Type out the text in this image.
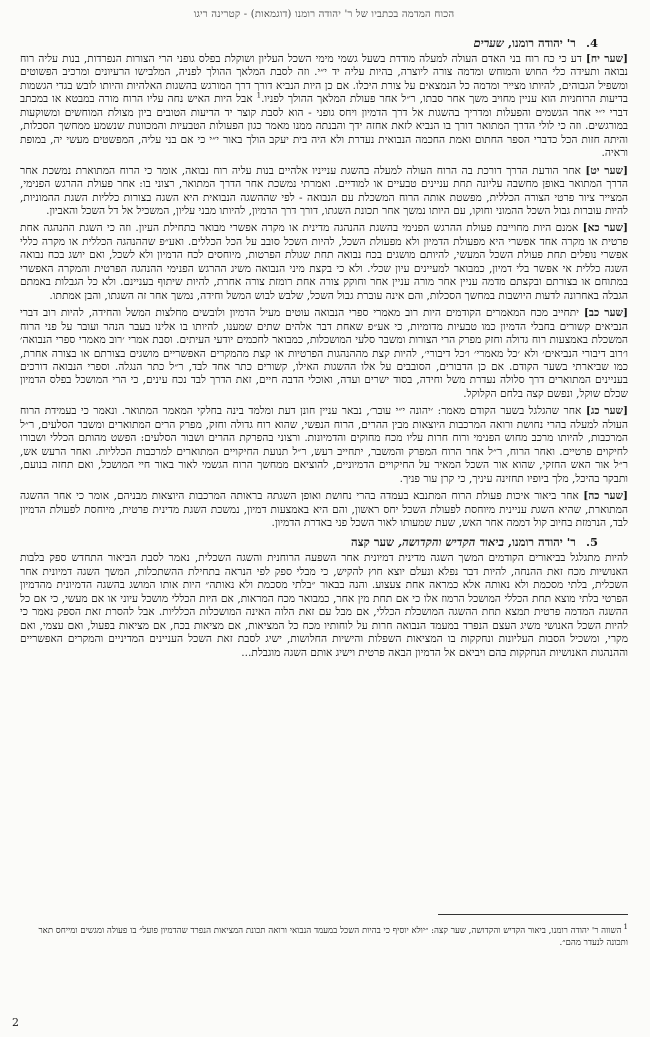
הכוח המדמה בכתביו של ר' יהודה רומנו (דוגמאות) - קטרינה ריגו
4. ר' יהודה רומנו, שערים

[שער יח] דע כי כח רוח בני האדם העולה למעלה מודדת בשעל גשמי מימי השכל העליון ושוקלת בפלס גופני הרי הצורות הנפרדות, בנות עליה רוח נבואה ותעידה כלי החוש והמוחש ומדמה צורה ליוצרה, בהיות עליה יד י״י. וזה לסבת המלאך ההולך לפניה, המלבישו הרעיונים ומרכיב הפשוטים ומשפיל הגבוהים, להיותו מצייר ומדמה כל הנמצאים על צורת היכלו. אם כן היות הנביא דורך דרך המורגש בהשגות האלהיות והיותו לובש בגדי הגשמות בדיעות הרוחניות הוא עניין מחויב משך אחר סבתו, ר״ל אחר פעולת המלאך ההולך לפניו.$^1$ אבל היות האיש נחה עליו הרוח מורה במבטא או במכתב דברי י״י אחר הגשמים והפעלות ומדריך בהשגות אל דרך הדמיון ויחס גופני - הוא לסבת קוצר יד הדיעות הטובים ביון מצולת המוחשים ומשוקעות במורגשים. וזה כי לולי הדרך המתואר דורך בו הנביא לזאת אחזה ידך והבנתה ממנו מאמר כגון הפעולות הטבעיות והמכוונות שנשמע ממחשך הסכלות, והיתה חזות הכל כדברי הספר החתום ואמת החכמה הנבואית נעדרת ולא היה בית יעקב הולך באור י״י כי אם בני עליה, המפשטים מעשי יה, במופת וראיה.

[שער יט] אחר הודעת הדרך דורכת בה הרוח העולה למעלה בהשגת ענייניו אלהיים בנות עליה רוח נבואה, אומר כי הרוח המתוארת נמשכת אחר הדרך המתואר באופן מחשבה עליונה תחת עניינים טבעיים או למודיים. ואמרתי נמשכת אחר הדרך המתואר, רצוני בו: אחר פעולת ההרגש הפנימי, המצייר ציור פרטי הצורה הכללית, מפשטת אותה הרוח המשכלת עם הנבואה - לפי שההשגה הנבואית היא השגה בצורות כלליות השגת ההמוניות, להיות עוברות גבול השכל ההמוני וחוקו, עם היותו נמשך אחר תכונת השגתו, דורך דרך הדמיון, להיותו מבני עליון, המשכיל אל דל השכל והאביון.

[שער כא] אמנם היות מחוייבת פעולת ההרגש הפנימי בהשגת ההנהגה מדינית או מקרה אפשרי מבואר בתחילת העיון. וזה כי השגת ההנהגה אחת פרטית או מקרה אחד אפשרי היא מפעולת הדמיון ולא מפעולת השכל, להיות השכל סובב על הכל הכללים. ואע״פ שההנהגה הכללית או מקרה כללי אפשרי נופלים תחת פעולת השכל המעשי, להיותם מושגים בכח נבואה תחת שגולת הפרטות, מיוחסים לכח הדמיון ולא לשכל, ואם יושג בכח נבואה השגה כללית אי אפשר בלי דמיון, כמבואר למעיינים עיון שכלי. ולא כי בקצת מיני הנבואה משיג ההרגש הפנימי ההנהגה הפרטית והמקרה האפשרי במתוחם או בצורתם ובקצתם מדמה עניין אחר מורה עניין אחר וחוקק צורה אחת רומזת צורה אחרת, להיות שיתוף בעניינם. ולא כל הגבלות באמתם הגבלה באחרונה לדעות היושבות במחשך הסכלות, והם אינה עוברת גבול השכל, שלבש לבוש המשל וחידה, נמשך אחר זה השגתו, והבן אמתתו.

[שער כב] יתחייב מכח המאמרים הקודמים היות רוב מאמרי ספרי הנבואה עוטים מעיל הדמיון ולובשים מחלצות המשל והחידה, להיות רוב דברי הנביאים קשורים בחבלי הדמיון כמו טבעיות מדומיות, כי אע״פ שאחת דבר אלהים שתים שמענו, להיותו בו אלינו בעבר הנהר ועובר על פני הרוח המשכלת באמצעות רוח גדולה וחזק מפרק הרי הצורות ומשבר סלעי המושכלות, כמבואר לחכמים יודעי העיתים. וסבת אמרי ׳רוב מאמרי ספרי הנבואה׳ ו׳רוב דיבורי הנביאים׳ ולא ׳כל מאמרי׳ ו׳כל דיבורי׳, להיות קצת מההנהגות הפרטיות או קצת מהמקרים האפשריים מושגים בצורתם או בצורה אחרת, כמו שביארתי בשער הקודם. אם כן הדבורים, הסובבים על אלו ההשגות האילו, קשורים כתר אחד לבד, ר״ל כתר הנגלה. וספרי הנבואה דורכים בעניינים המתוארים דרך סלולה נעדרת משל וחידה, בסוד ישרים ועדה, ואוכלי הדבה חיים, זאת הדרך לבד נכח עינים, כי הרי המושכל בפלס הדמיון שכלם שוקל, ונפשם קצה בלחם הקלוקל.

[שער כג] אחר שהגלגל בשער הקודם מאמר: ׳יהונה י״י עובר׳, נבאר עניין חונן דעת ומלמד בינה בחלקי המאמר המתואר. ונאמר כי בעמידת הרוח העולה למעלה בהרי נחושת ורואה המרכבות היוצאות מבין ההרים, הרוח הנפשי, שהוא רוח גדולה וחזק, מפרק הרים המתוארים ומשבר הסלעים, ר״ל המרכבות, להיותו מרכב מחוש הפנימי ורוח חרות עליו מכח מחוקים והדמיונות. ורצוני בהפרקת ההרים ושבור הסלעים: הפשט מהותם הכללי ושבורו לחיקוים פרטיים. ואחר הרוח, ר״ל אחר הרוח המפרק והמשבר, יתחייב רעש, ר״ל תנועת החיקויים המתוארים למרכבות הכלליות. ואחר הרעש אש, ר״ל אור האש החזקי, שהוא אור השכל המאיר על החיקויים הדמיוניים, להוציאם ממחשך הרוח הגשמי לאור באור חיי המושכל, ואם תחזה בנועם, ותבקר בהיכל, מלך ביופיו תחזינה עיניך, כי קרן עור פניך.

[שער כה] אחר ביאור איכות פעולת הרוח המתנבא בעמדה בהרי נחושת ואופן השגתה בראותה המרכבות היוצאות מבניהם, אומר כי אחר ההשגה המתוארת, שהיא השגת עניינית מיוחסת לפעולת השכל יחס ראשון, והם היא באמצעות דמיון, נמשכת השגת מדינית פרטית, מיוחסת לפעולת הדמיון לבד, הנרמזת בחיוב קול דממה אחר האש, שעת שמעותו לאור השכל פני באדרת הדמיון.

5. ר' יהודה רומנו, ביאור הקדיש והקדושה, שער קצה

להיות מתגלגל בביאורים הקודמים המשך השגה מדינית דמיונית אחר השפעה הרוחנית והשגה השכלית, נאמר לסבת הביאור התחדש ספק בלבות האנושיות מכח זאת ההנחה, להיות דבר נפלא ונעלם יוצא חוץ להקיש, כי מבלי ספק לפי הנראה בתחילת ההשתכלות, המשך השגה דמיונית אחר השכלית, בלתי מסכמת ולא נאותה אלא כמראה אחת צעצוע. והנה בבאור ״בלתי מסכמת ולא נאותה״ היות אותו המושג בהשגה הדמיונית מהדמיון הפרטי בלתי מוצא תחת הכללי המושכל הרמוז אלו כי אם תחת מין אחר, כמבואר מכח המראות, אם היות הכללי מושכל עיוני או אם מעשי, כי אם כל ההשגה המדמה פרטית תמצא תחת ההשגה המושכלת הכללי, אם מבל עם זאת הלוה האינה המושכלות הכלליות. אבל להסרת זאת הספק נאמר כי להיות השכל האנושי משיג העצם הנפרד במעמד הנבואה חרות על לוחותיו מכח כל המציאות, אם מציאות בכח, אם מציאות בפעול, ואם עצמי, ואם מקרי, ומשכיל הסבות העליונות ונחקקות בו המציאות השפלות והישיות החלושות, ישיג לסבת זאת השכל העניינים המדיניים והמקרים האפשריים וההנהגות האנושיות הנחקקות בהם ויביאם אל הדמיון הבאה פרטית וישיג אותם השגה מוגבלת...

$^1$השווה ר' יהודה רומנו, ביאור הקדיש והקדושה, שער קצה: ״יולא יוסיף כי בהיות השכל במעמד הנבואי ורואה תכונת המציאות הנפרד שהדמיון פועל״ בו פעולה ומגשים ומייחס תאר ותכונה לנעדר מהם״.
2
